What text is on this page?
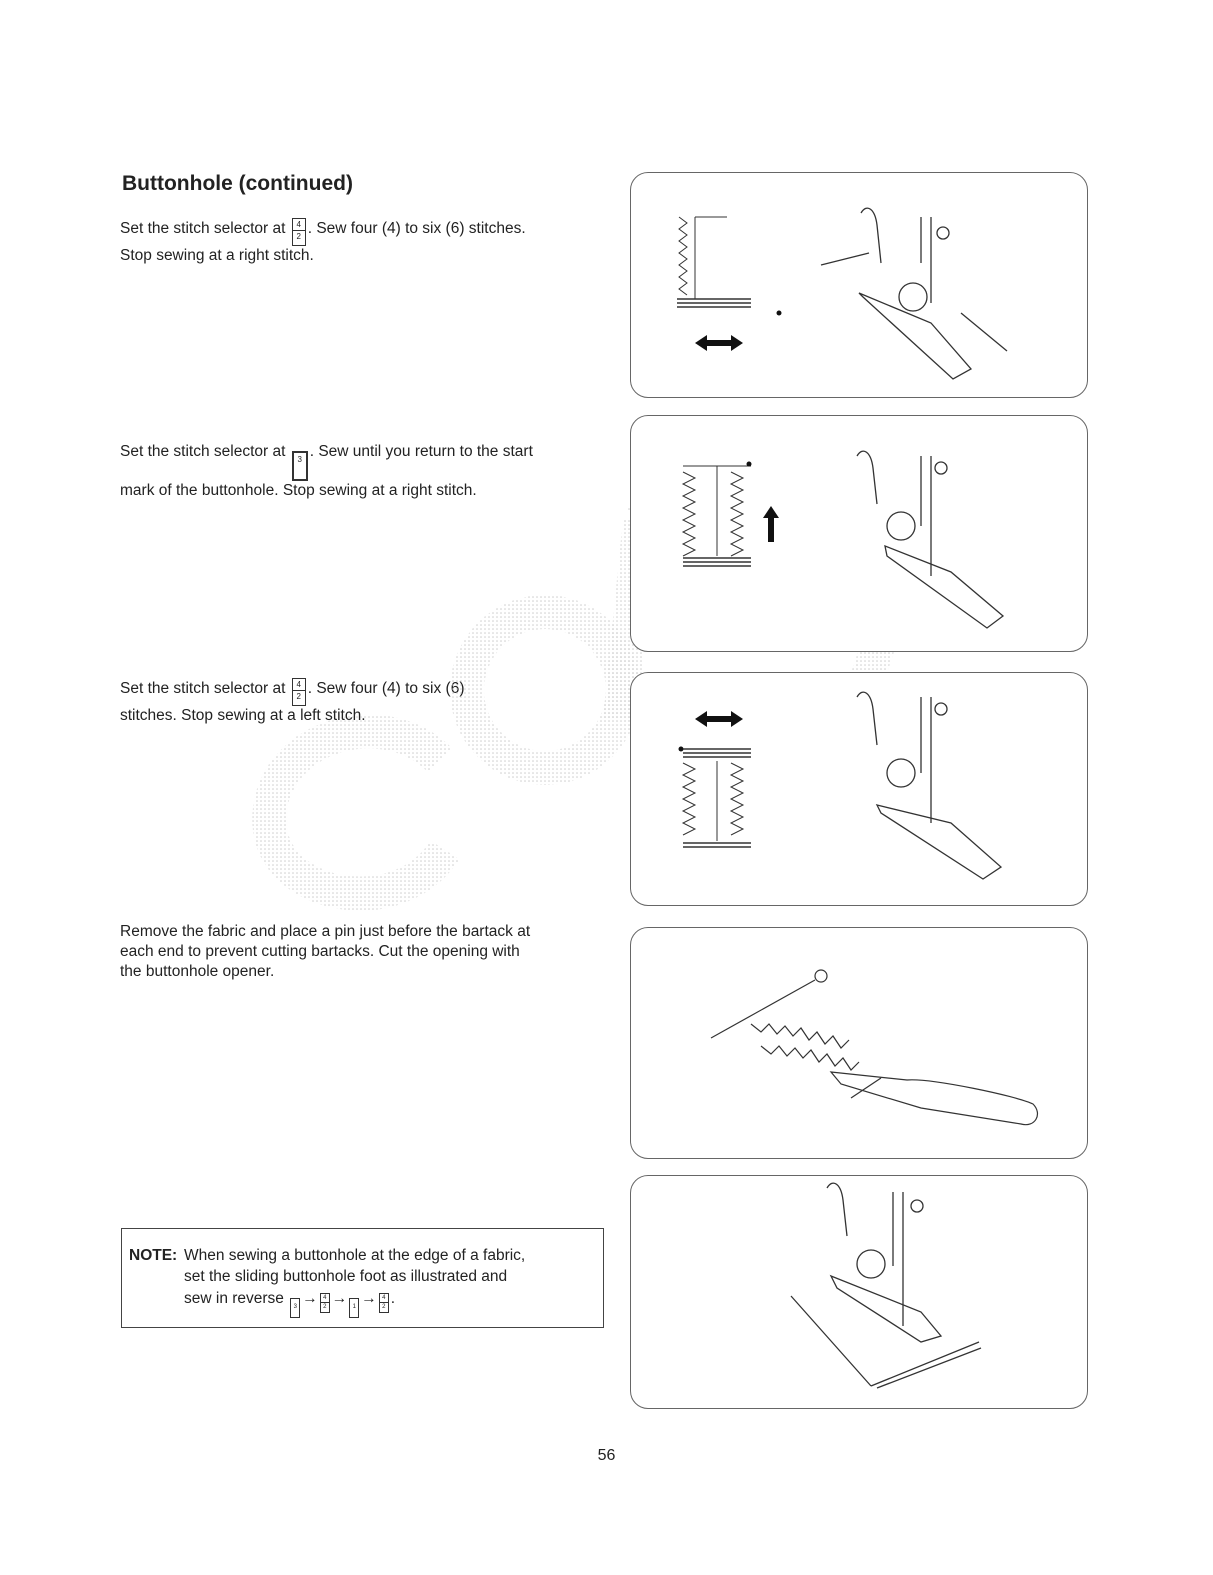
Buttonhole (continued)
Set the stitch selector at $\frac{4}{2}$ . Sew four (4) to six (6) stitches.
Stop sewing at a right stitch.
Set the stitch selector at	3 . Sew until you return to the start
mark of the buttonhole. Stop sewing at a right stitch.
Set the stitch selector at $\frac{4}{2}$ . Sew four (4) to six (6)
stitches. Stop sewing at a left stitch.
Remove the fabric and place a pin just before the bartack at
each end to prevent cutting bartacks. Cut the opening with
the buttonhole opener.
NOTE: When sewing a buttonhole at the edge of a fabric,
set the sliding buttonhole foot as illustrated and
sew in reverse	$3 \to \frac{4}{2} \to 1 \to \frac{4}{2}$ .
56
